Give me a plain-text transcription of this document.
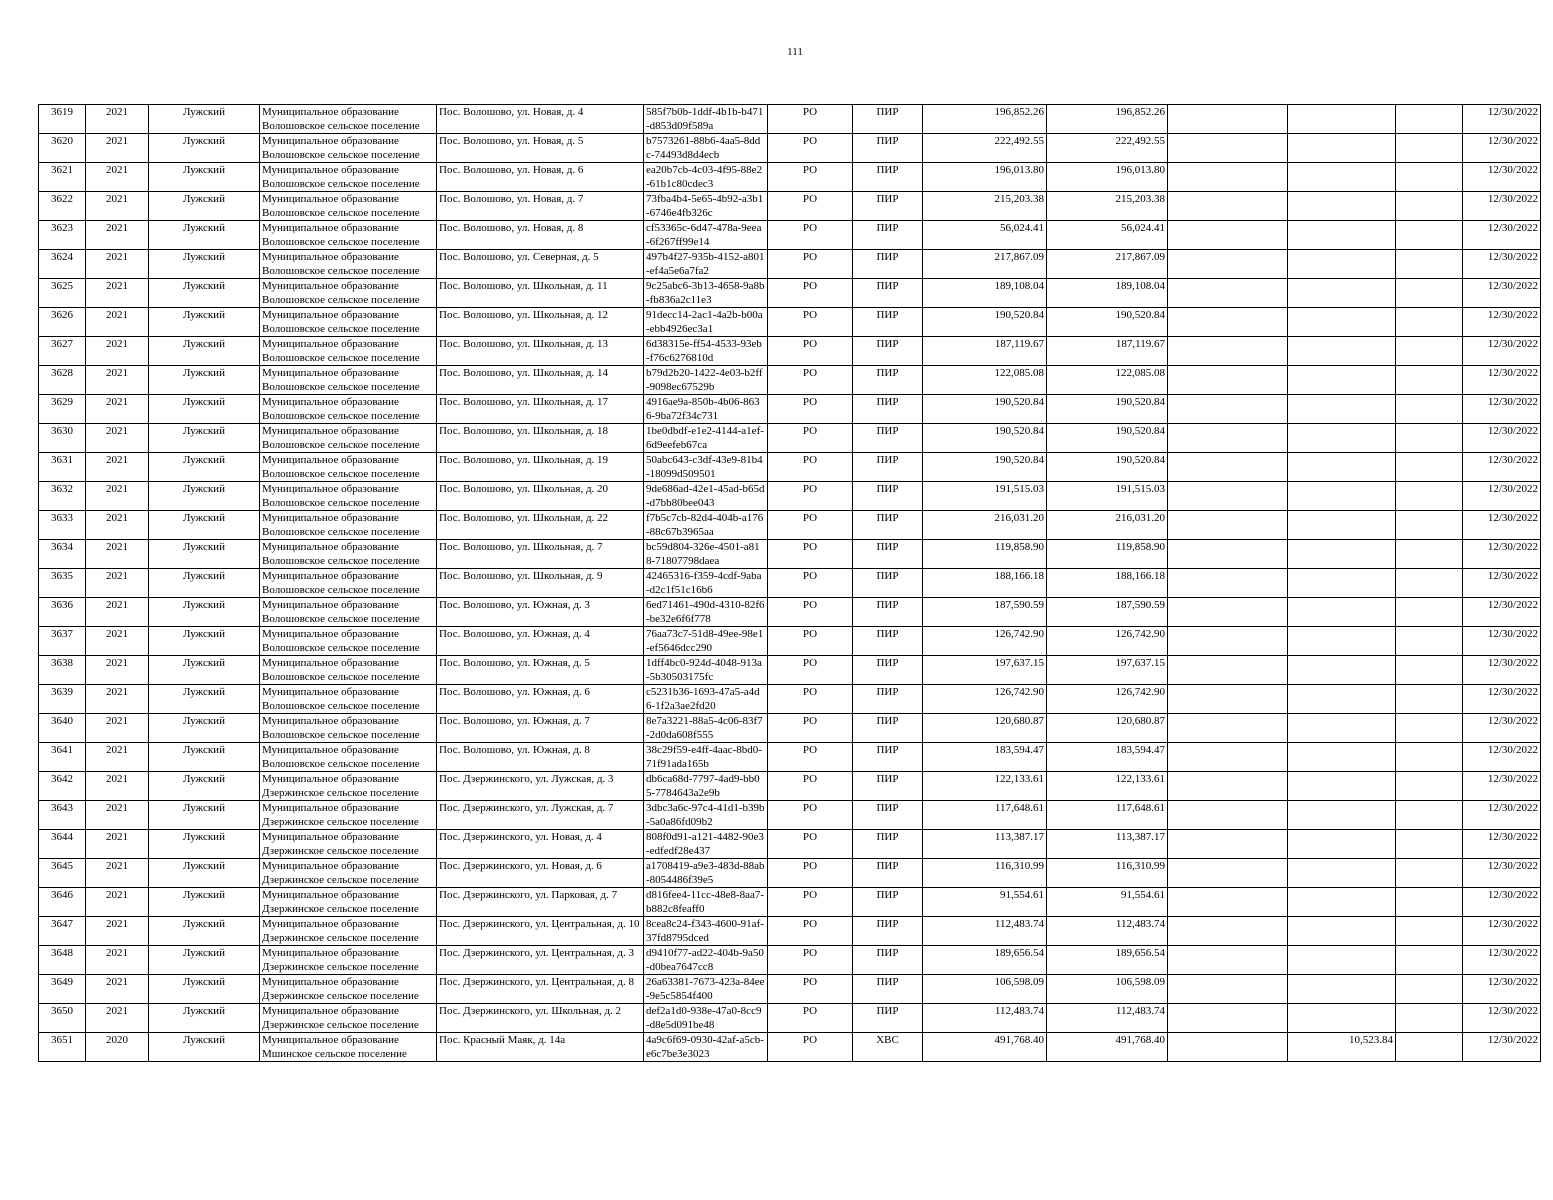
111
3619	2021	Лужский	Муниципальное образование Волошовское сельское поселение	Пос. Волошово, ул. Новая, д. 4	585f7b0b-1ddf-4b1b-b471-d853d09f589a	РО	ПИР	196,852.26	196,852.26				12/30/2022
3620	2021	Лужский	Муниципальное образование Волошовское сельское поселение	Пос. Волошово, ул. Новая, д. 5	b7573261-88b6-4aa5-8ddc-74493d8d4ecb	РО	ПИР	222,492.55	222,492.55				12/30/2022
3621	2021	Лужский	Муниципальное образование Волошовское сельское поселение	Пос. Волошово, ул. Новая, д. 6	ea20b7cb-4c03-4f95-88e2-61b1c80cdec3	РО	ПИР	196,013.80	196,013.80				12/30/2022
3622	2021	Лужский	Муниципальное образование Волошовское сельское поселение	Пос. Волошово, ул. Новая, д. 7	73fba4b4-5e65-4b92-a3b1-6746e4fb326c	РО	ПИР	215,203.38	215,203.38				12/30/2022
3623	2021	Лужский	Муниципальное образование Волошовское сельское поселение	Пос. Волошово, ул. Новая, д. 8	cf53365c-6d47-478a-9eea-6f267ff99e14	РО	ПИР	56,024.41	56,024.41				12/30/2022
3624	2021	Лужский	Муниципальное образование Волошовское сельское поселение	Пос. Волошово, ул. Северная, д. 5	497b4f27-935b-4152-a801-ef4a5e6a7fa2	РО	ПИР	217,867.09	217,867.09				12/30/2022
3625	2021	Лужский	Муниципальное образование Волошовское сельское поселение	Пос. Волошово, ул. Школьная, д. 11	9c25abc6-3b13-4658-9a8b-fb836a2c11e3	РО	ПИР	189,108.04	189,108.04				12/30/2022
3626	2021	Лужский	Муниципальное образование Волошовское сельское поселение	Пос. Волошово, ул. Школьная, д. 12	91decc14-2ac1-4a2b-b00a-ebb4926ec3a1	РО	ПИР	190,520.84	190,520.84				12/30/2022
3627	2021	Лужский	Муниципальное образование Волошовское сельское поселение	Пос. Волошово, ул. Школьная, д. 13	6d38315e-ff54-4533-93eb-f76c6276810d	РО	ПИР	187,119.67	187,119.67				12/30/2022
3628	2021	Лужский	Муниципальное образование Волошовское сельское поселение	Пос. Волошово, ул. Школьная, д. 14	b79d2b20-1422-4e03-b2ff-9098ec67529b	РО	ПИР	122,085.08	122,085.08				12/30/2022
3629	2021	Лужский	Муниципальное образование Волошовское сельское поселение	Пос. Волошово, ул. Школьная, д. 17	4916ae9a-850b-4b06-8636-9ba72f34c731	РО	ПИР	190,520.84	190,520.84				12/30/2022
3630	2021	Лужский	Муниципальное образование Волошовское сельское поселение	Пос. Волошово, ул. Школьная, д. 18	1be0dbdf-e1e2-4144-a1ef-6d9eefeb67ca	РО	ПИР	190,520.84	190,520.84				12/30/2022
3631	2021	Лужский	Муниципальное образование Волошовское сельское поселение	Пос. Волошово, ул. Школьная, д. 19	50abc643-c3df-43e9-81b4-18099d509501	РО	ПИР	190,520.84	190,520.84				12/30/2022
3632	2021	Лужский	Муниципальное образование Волошовское сельское поселение	Пос. Волошово, ул. Школьная, д. 20	9de686ad-42e1-45ad-b65d-d7bb80bee043	РО	ПИР	191,515.03	191,515.03				12/30/2022
3633	2021	Лужский	Муниципальное образование Волошовское сельское поселение	Пос. Волошово, ул. Школьная, д. 22	f7b5c7cb-82d4-404b-a176-88c67b3965aa	РО	ПИР	216,031.20	216,031.20				12/30/2022
3634	2021	Лужский	Муниципальное образование Волошовское сельское поселение	Пос. Волошово, ул. Школьная, д. 7	bc59d804-326e-4501-a818-71807798daea	РО	ПИР	119,858.90	119,858.90				12/30/2022
3635	2021	Лужский	Муниципальное образование Волошовское сельское поселение	Пос. Волошово, ул. Школьная, д. 9	42465316-f359-4cdf-9aba-d2c1f51c16b6	РО	ПИР	188,166.18	188,166.18				12/30/2022
3636	2021	Лужский	Муниципальное образование Волошовское сельское поселение	Пос. Волошово, ул. Южная, д. 3	6ed71461-490d-4310-82f6-be32e6f6f778	РО	ПИР	187,590.59	187,590.59				12/30/2022
3637	2021	Лужский	Муниципальное образование Волошовское сельское поселение	Пос. Волошово, ул. Южная, д. 4	76aa73c7-51d8-49ee-98e1-ef5646dcc290	РО	ПИР	126,742.90	126,742.90				12/30/2022
3638	2021	Лужский	Муниципальное образование Волошовское сельское поселение	Пос. Волошово, ул. Южная, д. 5	1dff4bc0-924d-4048-913a-5b30503175fc	РО	ПИР	197,637.15	197,637.15				12/30/2022
3639	2021	Лужский	Муниципальное образование Волошовское сельское поселение	Пос. Волошово, ул. Южная, д. 6	c5231b36-1693-47a5-a4d6-1f2a3ae2fd20	РО	ПИР	126,742.90	126,742.90				12/30/2022
3640	2021	Лужский	Муниципальное образование Волошовское сельское поселение	Пос. Волошово, ул. Южная, д. 7	8e7a3221-88a5-4c06-83f7-2d0da608f555	РО	ПИР	120,680.87	120,680.87				12/30/2022
3641	2021	Лужский	Муниципальное образование Волошовское сельское поселение	Пос. Волошово, ул. Южная, д. 8	38c29f59-e4ff-4aac-8bd0-71f91ada165b	РО	ПИР	183,594.47	183,594.47				12/30/2022
3642	2021	Лужский	Муниципальное образование Дзержинское сельское поселение	Пос. Дзержинского, ул. Лужская, д. 3	db6ca68d-7797-4ad9-bb05-7784643a2e9b	РО	ПИР	122,133.61	122,133.61				12/30/2022
3643	2021	Лужский	Муниципальное образование Дзержинское сельское поселение	Пос. Дзержинского, ул. Лужская, д. 7	3dbc3a6c-97c4-41d1-b39b-5a0a86fd09b2	РО	ПИР	117,648.61	117,648.61				12/30/2022
3644	2021	Лужский	Муниципальное образование Дзержинское сельское поселение	Пос. Дзержинского, ул. Новая, д. 4	808f0d91-a121-4482-90e3-edfedf28e437	РО	ПИР	113,387.17	113,387.17				12/30/2022
3645	2021	Лужский	Муниципальное образование Дзержинское сельское поселение	Пос. Дзержинского, ул. Новая, д. 6	a1708419-a9e3-483d-88ab-8054486f39e5	РО	ПИР	116,310.99	116,310.99				12/30/2022
3646	2021	Лужский	Муниципальное образование Дзержинское сельское поселение	Пос. Дзержинского, ул. Парковая, д. 7	d816fee4-11cc-48e8-8aa7-b882c8feaff0	РО	ПИР	91,554.61	91,554.61				12/30/2022
3647	2021	Лужский	Муниципальное образование Дзержинское сельское поселение	Пос. Дзержинского, ул. Центральная, д. 10	8cea8c24-f343-4600-91af-37fd8795dced	РО	ПИР	112,483.74	112,483.74				12/30/2022
3648	2021	Лужский	Муниципальное образование Дзержинское сельское поселение	Пос. Дзержинского, ул. Центральная, д. 3	d9410f77-ad22-404b-9a50-d0bea7647cc8	РО	ПИР	189,656.54	189,656.54				12/30/2022
3649	2021	Лужский	Муниципальное образование Дзержинское сельское поселение	Пос. Дзержинского, ул. Центральная, д. 8	26a63381-7673-423a-84ee-9e5c5854f400	РО	ПИР	106,598.09	106,598.09				12/30/2022
3650	2021	Лужский	Муниципальное образование Дзержинское сельское поселение	Пос. Дзержинского, ул. Школьная, д. 2	def2a1d0-938e-47a0-8cc9-d8e5d091be48	РО	ПИР	112,483.74	112,483.74				12/30/2022
3651	2020	Лужский	Муниципальное образование Мшинское сельское поселение	Пос. Красный Маяк, д. 14а	4a9c6f69-0930-42af-a5cb-e6c7be3e3023	РО	ХВС	491,768.40	491,768.40		10,523.84		12/30/2022
